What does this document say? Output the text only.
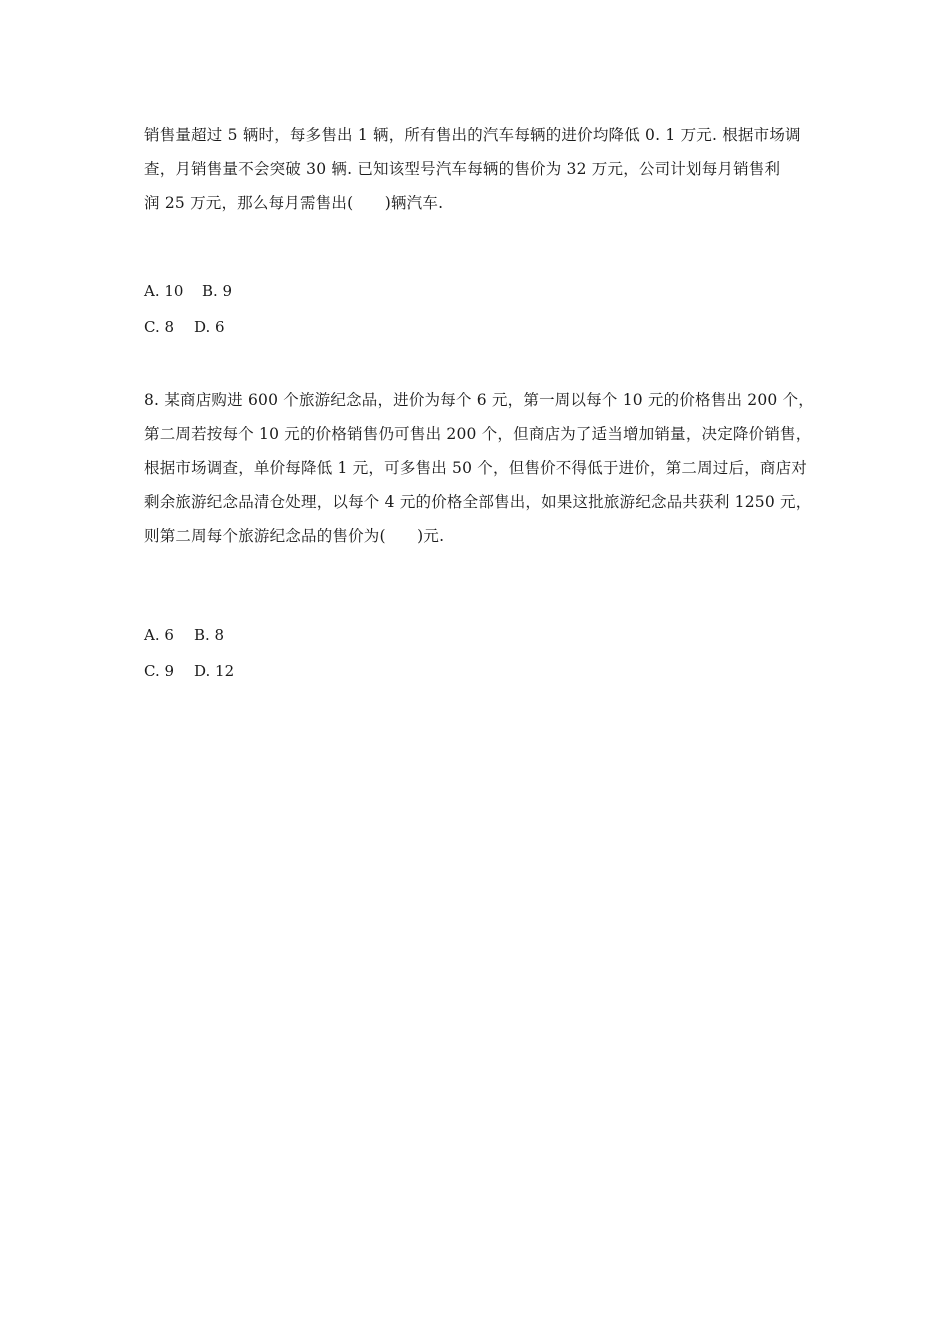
销售量超过 5 辆时，每多售出 1 辆，所有售出的汽车每辆的进价均降低 0. 1 万元. 根据市场调
查，月销售量不会突破 30 辆. 已知该型号汽车每辆的售价为 32 万元，公司计划每月销售利
润 25 万元，那么每月需售出(　　)辆汽车.
A. 10 B. 9
C. 8 D. 6
8. 某商店购进 600 个旅游纪念品，进价为每个 6 元，第一周以每个 10 元的价格售出 200 个，
第二周若按每个 10 元的价格销售仍可售出 200 个，但商店为了适当增加销量，决定降价销售，
根据市场调查，单价每降低 1 元，可多售出 50 个，但售价不得低于进价，第二周过后，商店对
剩余旅游纪念品清仓处理，以每个 4 元的价格全部售出，如果这批旅游纪念品共获利 1250 元，
则第二周每个旅游纪念品的售价为(　　)元.
A. 6 B. 8
C. 9 D. 12
